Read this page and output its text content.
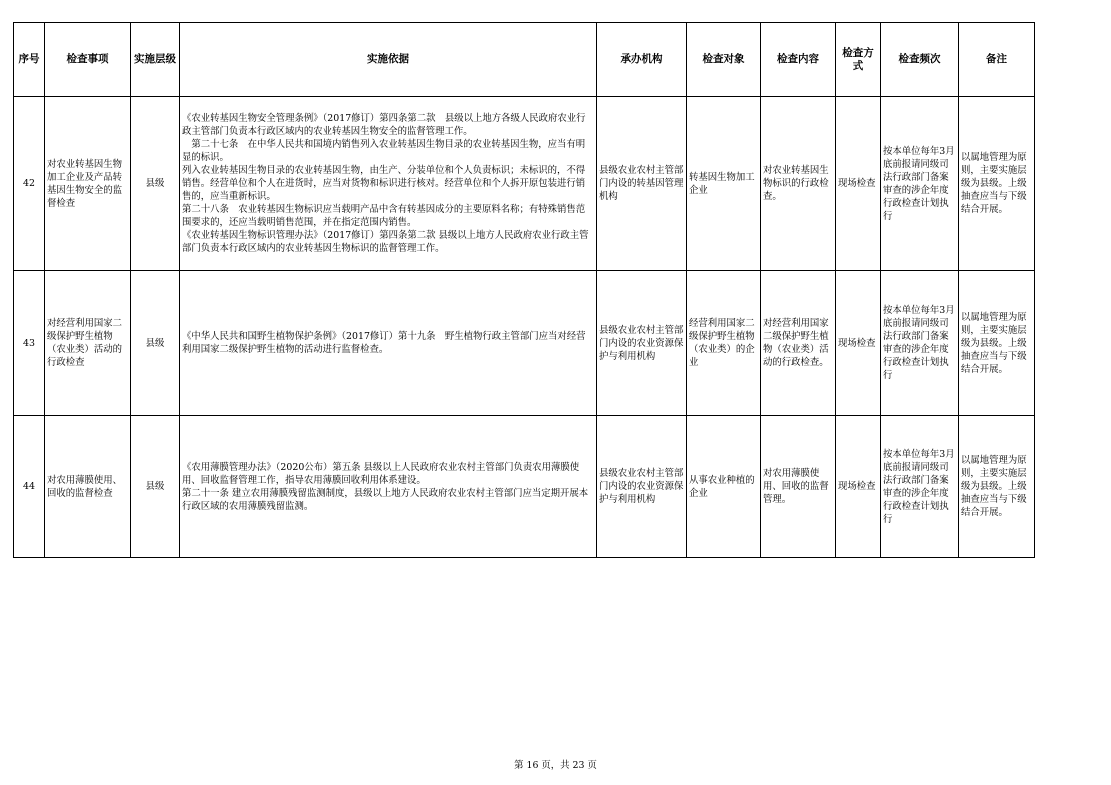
序号	检查事项	实施层级	实施依据	承办机构	检查对象	检查内容	检查方式	检查频次	备注
42	对农业转基因生物加工企业及产品转基因生物安全的监督检查	县级	《农业转基因生物安全管理条例》（2017修订）第四条第二款　县级以上地方各级人民政府农业行政主管部门负责本行政区域内的农业转基因生物安全的监督管理工作。

　第二十七条　在中华人民共和国境内销售列入农业转基因生物目录的农业转基因生物，应当有明显的标识。

列入农业转基因生物目录的农业转基因生物，由生产、分装单位和个人负责标识；未标识的，不得销售。经营单位和个人在进货时，应当对货物和标识进行核对。经营单位和个人拆开原包装进行销售的，应当重新标识。

第二十八条　农业转基因生物标识应当载明产品中含有转基因成分的主要原料名称；有特殊销售范围要求的，还应当载明销售范围，并在指定范围内销售。

《农业转基因生物标识管理办法》（2017修订）第四条第二款 县级以上地方人民政府农业行政主管部门负责本行政区域内的农业转基因生物标识的监督管理工作。	县级农业农村主管部门内设的转基因管理机构	转基因生物加工企业	对农业转基因生物标识的行政检查。	现场检查	按本单位每年3月底前报请同级司法行政部门备案审查的涉企年度行政检查计划执行	以属地管理为原则，主要实施层级为县级。上级抽查应当与下级结合开展。
43	对经营利用国家二级保护野生植物（农业类）活动的行政检查	县级	《中华人民共和国野生植物保护条例》（2017修订）第十九条　野生植物行政主管部门应当对经营利用国家二级保护野生植物的活动进行监督检查。	县级农业农村主管部门内设的农业资源保护与利用机构	经营利用国家二级保护野生植物（农业类）的企业	对经营利用国家二级保护野生植物（农业类）活动的行政检查。	现场检查	按本单位每年3月底前报请同级司法行政部门备案审查的涉企年度行政检查计划执行	以属地管理为原则，主要实施层级为县级。上级抽查应当与下级结合开展。
44	对农用薄膜使用、回收的监督检查	县级	《农用薄膜管理办法》（2020公布）第五条 县级以上人民政府农业农村主管部门负责农用薄膜使用、回收监督管理工作，指导农用薄膜回收利用体系建设。

第二十一条 建立农用薄膜残留监测制度，县级以上地方人民政府农业农村主管部门应当定期开展本行政区域的农用薄膜残留监测。	县级农业农村主管部门内设的农业资源保护与利用机构	从事农业种植的企业	对农用薄膜使用、回收的监督管理。	现场检查	按本单位每年3月底前报请同级司法行政部门备案审查的涉企年度行政检查计划执行	以属地管理为原则，主要实施层级为县级。上级抽查应当与下级结合开展。
第 16 页，共 23 页
